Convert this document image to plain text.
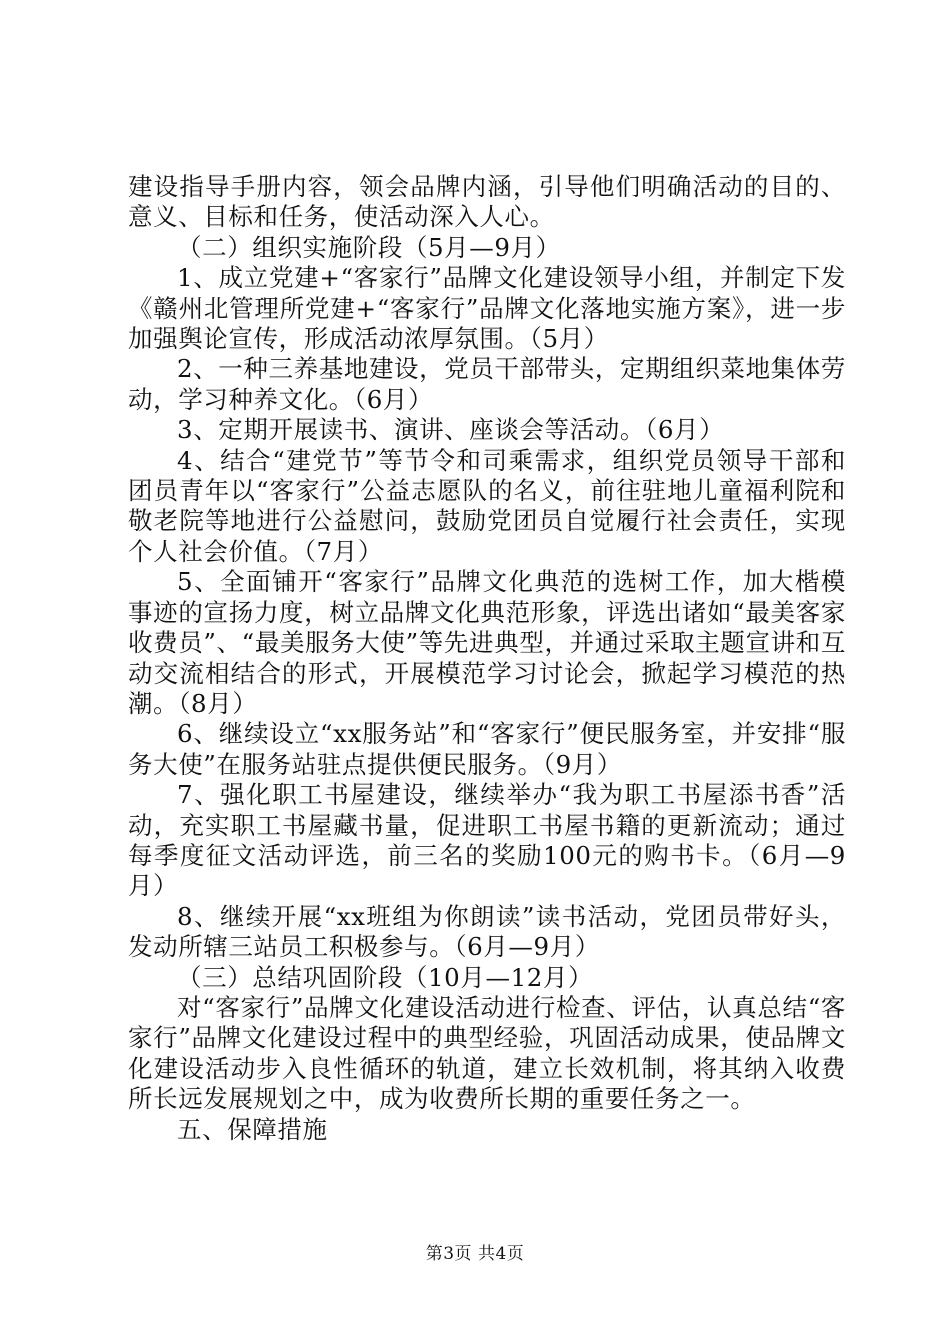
建设指导手册内容，领会品牌内涵，引导他们明确活动的目的、意义、目标和任务，使活动深入人心。

（二）组织实施阶段（5月—9月）

1、成立党建+“客家行”品牌文化建设领导小组，并制定下发《赣州北管理所党建+“客家行”品牌文化落地实施方案》，进一步加强舆论宣传，形成活动浓厚氛围。（5月）

2、一种三养基地建设，党员干部带头，定期组织菜地集体劳动，学习种养文化。（6月）

3、定期开展读书、演讲、座谈会等活动。（6月）

4、结合“建党节”等节令和司乘需求，组织党员领导干部和团员青年以“客家行”公益志愿队的名义，前往驻地儿童福利院和敬老院等地进行公益慰问，鼓励党团员自觉履行社会责任，实现个人社会价值。（7月）

5、全面铺开“客家行”品牌文化典范的选树工作，加大楷模事迹的宣扬力度，树立品牌文化典范形象，评选出诸如“最美客家收费员”、“最美服务大使”等先进典型，并通过采取主题宣讲和互动交流相结合的形式，开展模范学习讨论会，掀起学习模范的热潮。（8月）

6、继续设立“xx服务站”和“客家行”便民服务室，并安排“服务大使”在服务站驻点提供便民服务。（9月）

7、强化职工书屋建设，继续举办“我为职工书屋添书香”活动，充实职工书屋藏书量，促进职工书屋书籍的更新流动；通过每季度征文活动评选，前三名的奖励100元的购书卡。（6月—9月）

8、继续开展“xx班组为你朗读”读书活动，党团员带好头，发动所辖三站员工积极参与。（6月—9月）

（三）总结巩固阶段（10月—12月）

对“客家行”品牌文化建设活动进行检查、评估，认真总结“客家行”品牌文化建设过程中的典型经验，巩固活动成果，使品牌文化建设活动步入良性循环的轨道，建立长效机制，将其纳入收费所长远发展规划之中，成为收费所长期的重要任务之一。

五、保障措施

第3页 共4页
